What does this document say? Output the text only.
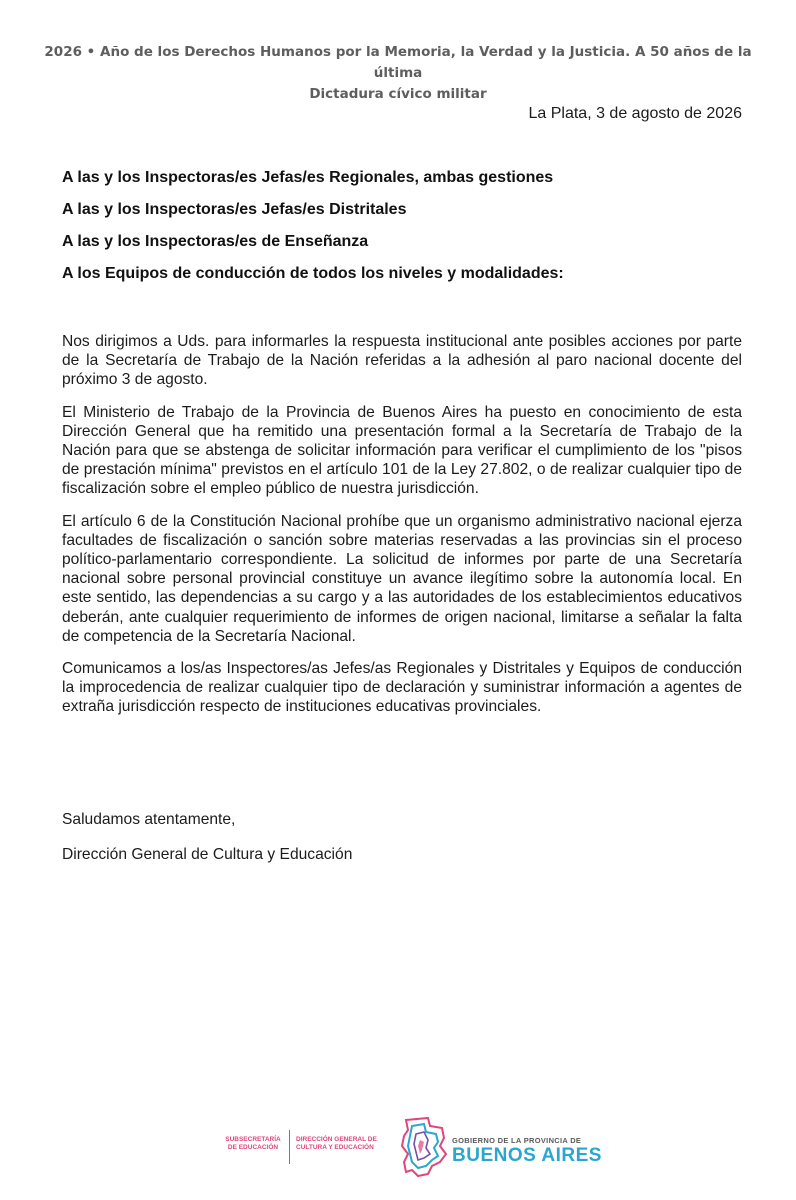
2026 • Año de los Derechos Humanos por la Memoria, la Verdad y la Justicia. A 50 años de la última
Dictadura cívico militar
La Plata, 3 de agosto de 2026

A las y los Inspectoras/es Jefas/es Regionales, ambas gestiones

A las y los Inspectoras/es Jefas/es Distritales

A las y los Inspectoras/es de Enseñanza

A los Equipos de conducción de todos los niveles y modalidades:

Nos dirigimos a Uds. para informarles la respuesta institucional ante posibles acciones por parte de la Secretaría de Trabajo de la Nación referidas a la adhesión al paro nacional docente del próximo 3 de agosto.

El Ministerio de Trabajo de la Provincia de Buenos Aires ha puesto en conocimiento de esta Dirección General que ha remitido una presentación formal a la Secretaría de Trabajo de la Nación para que se abstenga de solicitar información para verificar el cumplimiento de los "pisos de prestación mínima" previstos en el artículo 101 de la Ley 27.802, o de realizar cualquier tipo de fiscalización sobre el empleo público de nuestra jurisdicción.

El artículo 6 de la Constitución Nacional prohíbe que un organismo administrativo nacional ejerza facultades de fiscalización o sanción sobre materias reservadas a las provincias sin el proceso político-parlamentario correspondiente. La solicitud de informes por parte de una Secretaría nacional sobre personal provincial constituye un avance ilegítimo sobre la autonomía local. En este sentido, las dependencias a su cargo y a las autoridades de los establecimientos educativos deberán, ante cualquier requerimiento de informes de origen nacional, limitarse a señalar la falta de competencia de la Secretaría Nacional.

Comunicamos a los/as Inspectores/as Jefes/as Regionales y Distritales y Equipos de conducción la improcedencia de realizar cualquier tipo de declaración y suministrar información a agentes de extraña jurisdicción respecto de instituciones educativas provinciales.

Saludamos atentamente,

Dirección General de Cultura y Educación

SUBSECRETARÍA
DE EDUCACIÓN
DIRECCIÓN GENERAL DE
CULTURA Y EDUCACIÓN
GOBIERNO DE LA PROVINCIA DE
BUENOS AIRES
